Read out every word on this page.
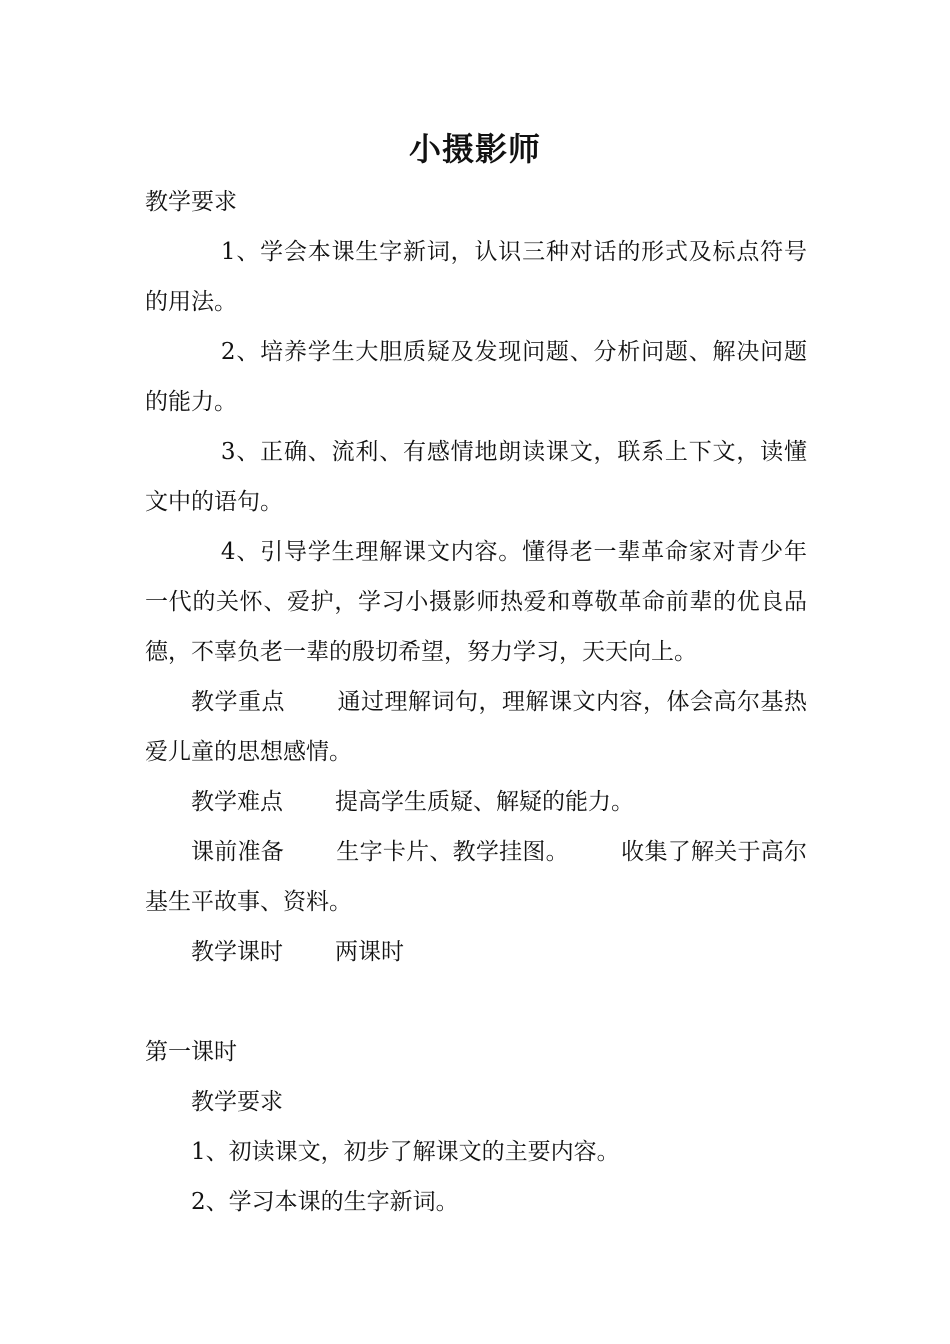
小摄影师

教学要求

1、学会本课生字新词，认识三种对话的形式及标点符号的用法。

2、培养学生大胆质疑及发现问题、分析问题、解决问题的能力。

3、正确、流利、有感情地朗读课文，联系上下文，读懂文中的语句。

4、引导学生理解课文内容。懂得老一辈革命家对青少年一代的关怀、爱护，学习小摄影师热爱和尊敬革命前辈的优良品德，不辜负老一辈的殷切希望，努力学习，天天向上。

教学重点 通过理解词句，理解课文内容，体会高尔基热爱儿童的思想感情。

教学难点 提高学生质疑、解疑的能力。

课前准备 生字卡片、教学挂图。 收集了解关于高尔基生平故事、资料。

教学课时 两课时

第一课时

教学要求

1、初读课文，初步了解课文的主要内容。

2、学习本课的生字新词。
